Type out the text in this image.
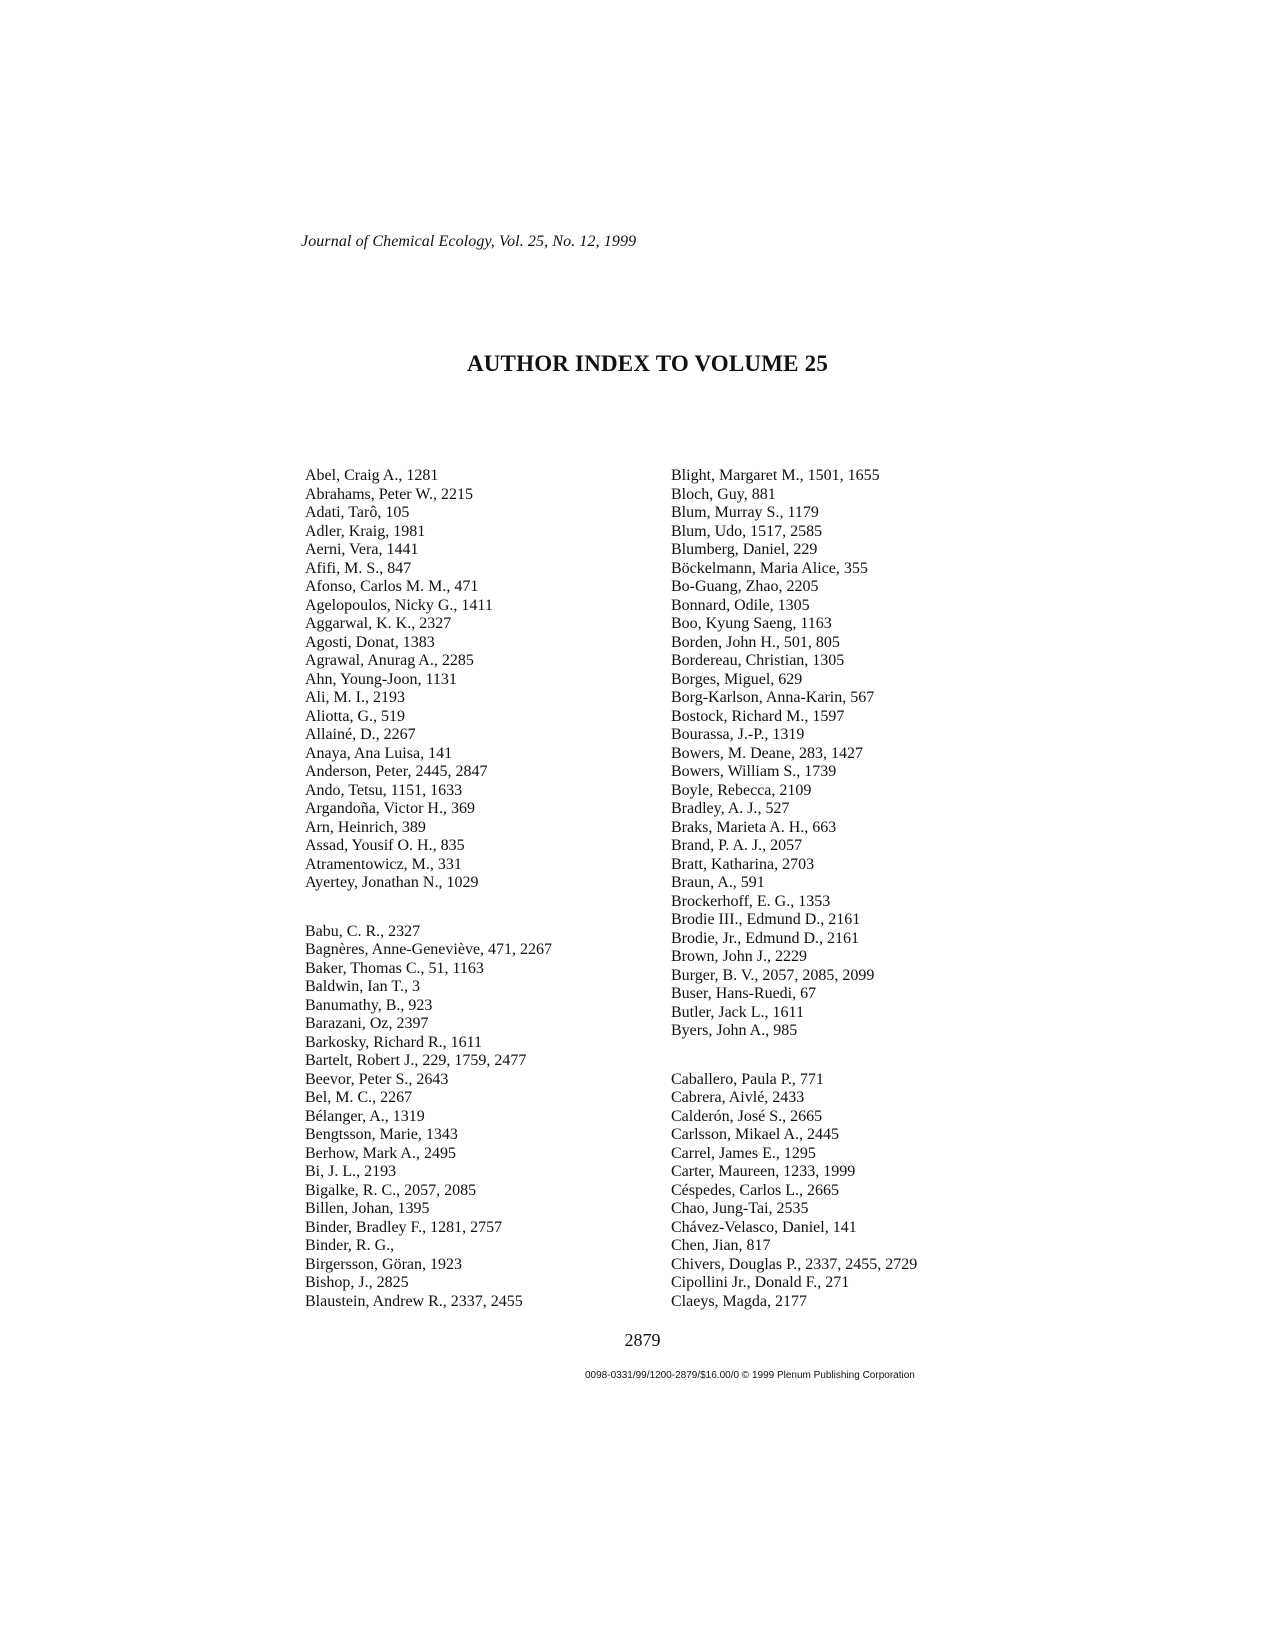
Journal of Chemical Ecology, Vol. 25, No. 12, 1999
AUTHOR INDEX TO VOLUME 25
Abel, Craig A., 1281
Abrahams, Peter W., 2215
Adati, Tarô, 105
Adler, Kraig, 1981
Aerni, Vera, 1441
Afifi, M. S., 847
Afonso, Carlos M. M., 471
Agelopoulos, Nicky G., 1411
Aggarwal, K. K., 2327
Agosti, Donat, 1383
Agrawal, Anurag A., 2285
Ahn, Young-Joon, 1131
Ali, M. I., 2193
Aliotta, G., 519
Allainé, D., 2267
Anaya, Ana Luisa, 141
Anderson, Peter, 2445, 2847
Ando, Tetsu, 1151, 1633
Argandoña, Victor H., 369
Arn, Heinrich, 389
Assad, Yousif O. H., 835
Atramentowicz, M., 331
Ayertey, Jonathan N., 1029
Babu, C. R., 2327
Bagnères, Anne-Geneviève, 471, 2267
Baker, Thomas C., 51, 1163
Baldwin, Ian T., 3
Banumathy, B., 923
Barazani, Oz, 2397
Barkosky, Richard R., 1611
Bartelt, Robert J., 229, 1759, 2477
Beevor, Peter S., 2643
Bel, M. C., 2267
Bélanger, A., 1319
Bengtsson, Marie, 1343
Berhow, Mark A., 2495
Bi, J. L., 2193
Bigalke, R. C., 2057, 2085
Billen, Johan, 1395
Binder, Bradley F., 1281, 2757
Binder, R. G.,
Birgersson, Göran, 1923
Bishop, J., 2825
Blaustein, Andrew R., 2337, 2455
Blight, Margaret M., 1501, 1655
Bloch, Guy, 881
Blum, Murray S., 1179
Blum, Udo, 1517, 2585
Blumberg, Daniel, 229
Böckelmann, Maria Alice, 355
Bo-Guang, Zhao, 2205
Bonnard, Odile, 1305
Boo, Kyung Saeng, 1163
Borden, John H., 501, 805
Bordereau, Christian, 1305
Borges, Miguel, 629
Borg-Karlson, Anna-Karin, 567
Bostock, Richard M., 1597
Bourassa, J.-P., 1319
Bowers, M. Deane, 283, 1427
Bowers, William S., 1739
Boyle, Rebecca, 2109
Bradley, A. J., 527
Braks, Marieta A. H., 663
Brand, P. A. J., 2057
Bratt, Katharina, 2703
Braun, A., 591
Brockerhoff, E. G., 1353
Brodie III., Edmund D., 2161
Brodie, Jr., Edmund D., 2161
Brown, John J., 2229
Burger, B. V., 2057, 2085, 2099
Buser, Hans-Ruedi, 67
Butler, Jack L., 1611
Byers, John A., 985
Caballero, Paula P., 771
Cabrera, Aivlé, 2433
Calderón, José S., 2665
Carlsson, Mikael A., 2445
Carrel, James E., 1295
Carter, Maureen, 1233, 1999
Céspedes, Carlos L., 2665
Chao, Jung-Tai, 2535
Chávez-Velasco, Daniel, 141
Chen, Jian, 817
Chivers, Douglas P., 2337, 2455, 2729
Cipollini Jr., Donald F., 271
Claeys, Magda, 2177
2879
0098-0331/99/1200-2879/$16.00/0 © 1999 Plenum Publishing Corporation
